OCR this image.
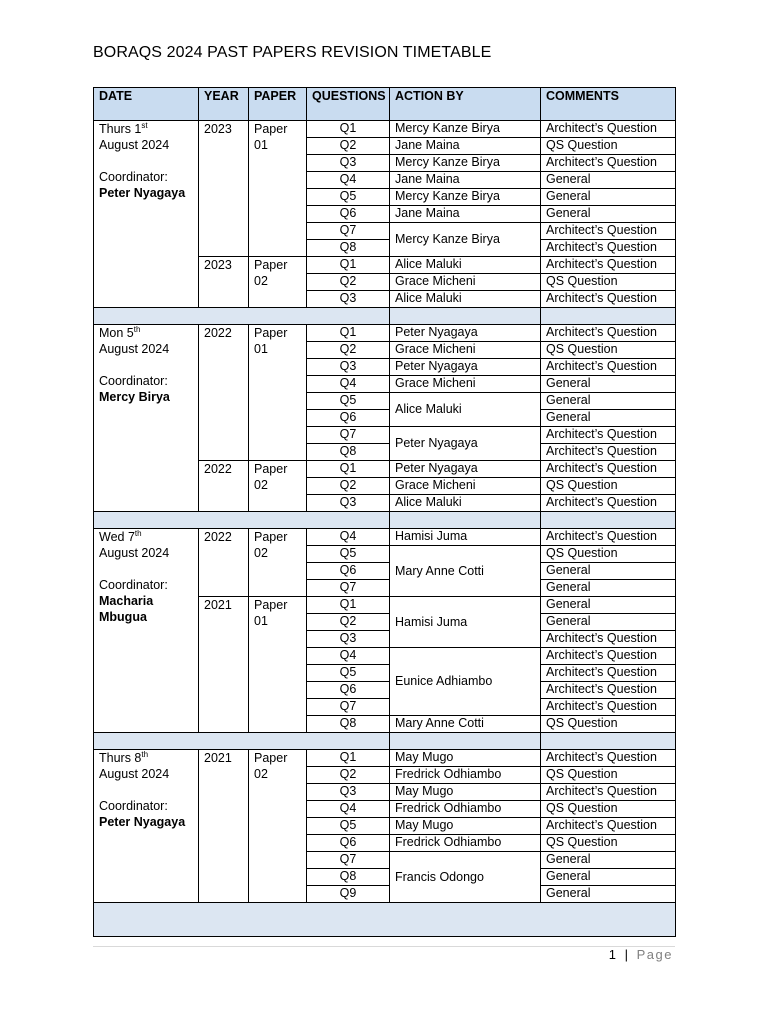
BORAQS 2024 PAST PAPERS REVISION TIMETABLE
DATE	YEAR	PAPER	QUESTIONS	ACTION BY	COMMENTS
Thurs 1st
August 2024

Coordinator:
Peter Nyagaya	2023	Paper 01	Q1	Mercy Kanze Birya	Architect’s Question
			Q2	Jane Maina	QS Question
			Q3	Mercy Kanze Birya	Architect’s Question
			Q4	Jane Maina	General
			Q5	Mercy Kanze Birya	General
			Q6	Jane Maina	General
			Q7	Mercy Kanze Birya	Architect’s Question
			Q8		Architect’s Question
	2023	Paper 02	Q1	Alice Maluki	Architect’s Question
			Q2	Grace Micheni	QS Question
			Q3	Alice Maluki	Architect’s Question

Mon 5th
August 2024

Coordinator:
Mercy Birya	2022	Paper 01	Q1	Peter Nyagaya	Architect’s Question
			Q2	Grace Micheni	QS Question
			Q3	Peter Nyagaya	Architect’s Question
			Q4	Grace Micheni	General
			Q5	Alice Maluki	General
			Q6		General
			Q7	Peter Nyagaya	Architect’s Question
			Q8		Architect’s Question
	2022	Paper 02	Q1	Peter Nyagaya	Architect’s Question
			Q2	Grace Micheni	QS Question
			Q3	Alice Maluki	Architect’s Question

Wed 7th
August 2024

Coordinator:
Macharia Mbugua	2022	Paper 02	Q4	Hamisi Juma	Architect’s Question
			Q5	Mary Anne Cotti	QS Question
			Q6		General
			Q7		General
	2021	Paper 01	Q1	Hamisi Juma	General
			Q2		General
			Q3		Architect’s Question
			Q4	Eunice Adhiambo	Architect’s Question
			Q5		Architect’s Question
			Q6		Architect’s Question
			Q7		Architect’s Question
			Q8	Mary Anne Cotti	QS Question

Thurs 8th
August 2024

Coordinator:
Peter Nyagaya	2021	Paper 02	Q1	May Mugo	Architect’s Question
			Q2	Fredrick Odhiambo	QS Question
			Q3	May Mugo	Architect’s Question
			Q4	Fredrick Odhiambo	QS Question
			Q5	May Mugo	Architect’s Question
			Q6	Fredrick Odhiambo	QS Question
			Q7	Francis Odongo	General
			Q8		General
			Q9		General

1 | Page
